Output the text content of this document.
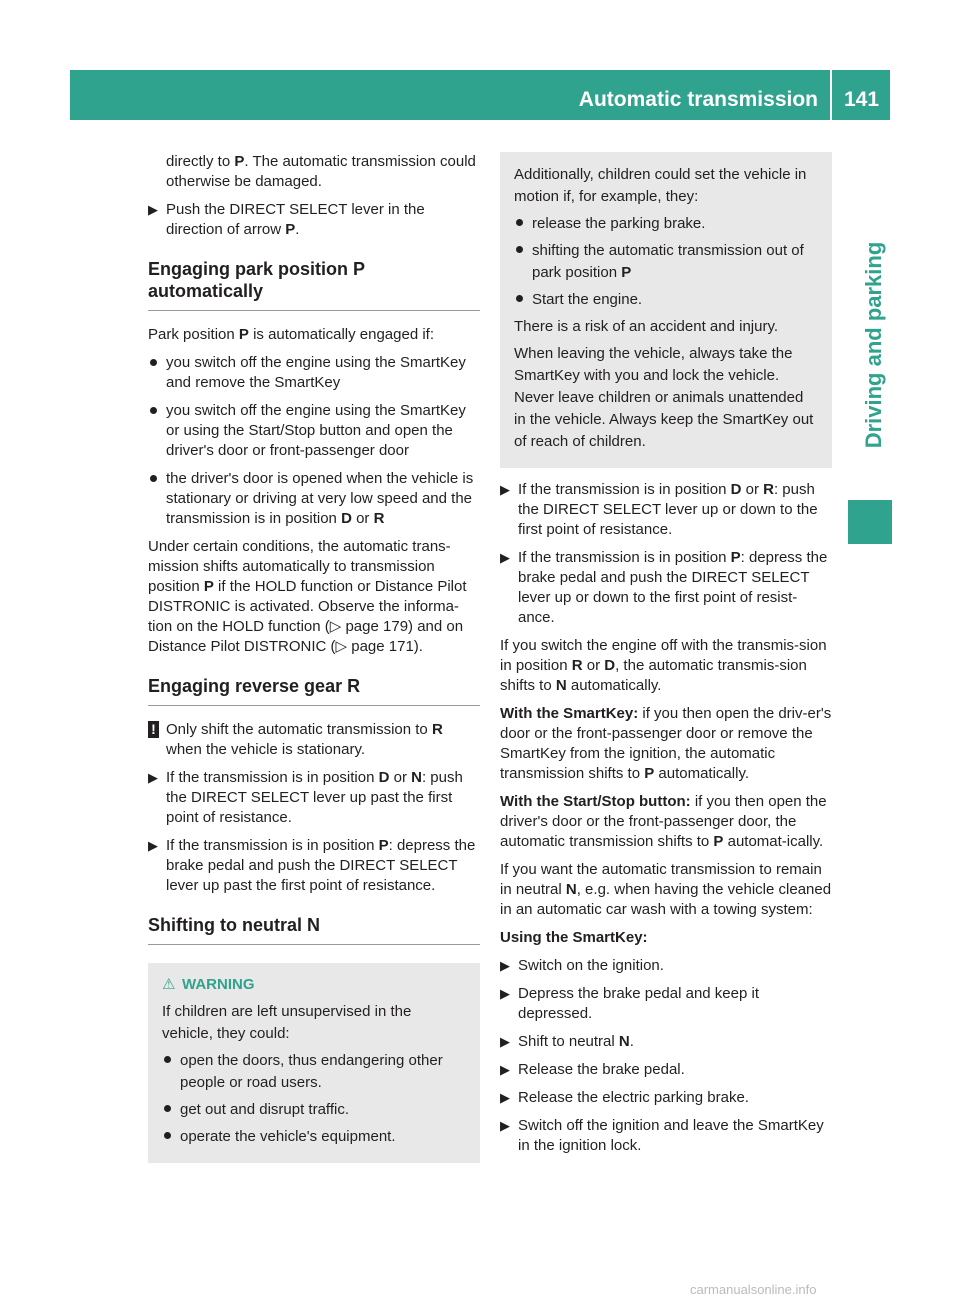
Automatic transmission 141
Driving and parking

directly to P. The automatic transmission could otherwise be damaged.

▶ Push the DIRECT SELECT lever in the direction of arrow P.
Engaging park position P automatically

Park position P is automatically engaged if:

you switch off the engine using the SmartKey and remove the SmartKey
you switch off the engine using the SmartKey or using the Start/Stop button and open the driver's door or front-passenger door
the driver's door is opened when the vehicle is stationary or driving at very low speed and the transmission is in position D or R

Under certain conditions, the automatic trans-mission shifts automatically to transmission position P if the HOLD function or Distance Pilot DISTRONIC is activated. Observe the informa-tion on the HOLD function (▷ page 179) and on Distance Pilot DISTRONIC (▷ page 171).

Engaging reverse gear R
! Only shift the automatic transmission to R when the vehicle is stationary.
▶ If the transmission is in position D or N: push the DIRECT SELECT lever up past the first point of resistance.
▶ If the transmission is in position P: depress the brake pedal and push the DIRECT SELECT lever up past the first point of resistance.
Shifting to neutral N
⚠ WARNING

If children are left unsupervised in the vehicle, they could:

open the doors, thus endangering other people or road users.
get out and disrupt traffic.
operate the vehicle's equipment.

Additionally, children could set the vehicle in motion if, for example, they:

release the parking brake.
shifting the automatic transmission out of park position P
Start the engine.

There is a risk of an accident and injury.

When leaving the vehicle, always take the SmartKey with you and lock the vehicle. Never leave children or animals unattended in the vehicle. Always keep the SmartKey out of reach of children.

▶ If the transmission is in position D or R: push the DIRECT SELECT lever up or down to the first point of resistance.
▶ If the transmission is in position P: depress the brake pedal and push the DIRECT SELECT lever up or down to the first point of resist-ance.

If you switch the engine off with the transmis-sion in position R or D, the automatic transmis-sion shifts to N automatically.

With the SmartKey: if you then open the driv-er's door or the front-passenger door or remove the SmartKey from the ignition, the automatic transmission shifts to P automatically.

With the Start/Stop button: if you then open the driver's door or the front-passenger door, the automatic transmission shifts to P automat-ically.

If you want the automatic transmission to remain in neutral N, e.g. when having the vehicle cleaned in an automatic car wash with a towing system:

Using the SmartKey:

▶ Switch on the ignition.
▶ Depress the brake pedal and keep it depressed.
▶ Shift to neutral N.
▶ Release the brake pedal.
▶ Release the electric parking brake.
▶ Switch off the ignition and leave the SmartKey in the ignition lock.
carmanualsonline.info
